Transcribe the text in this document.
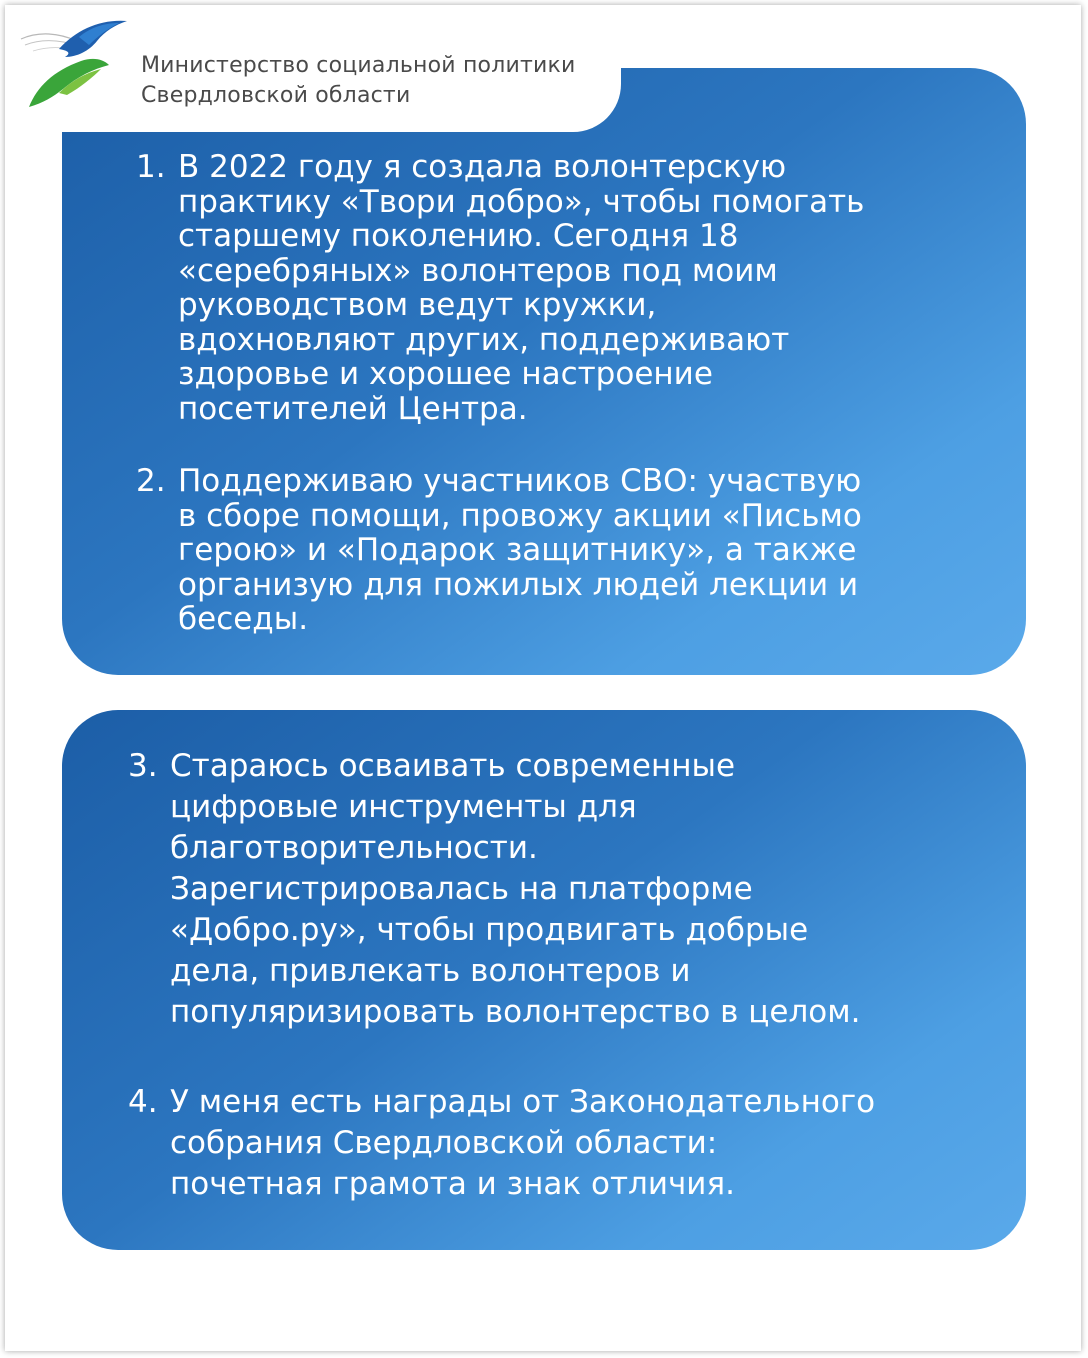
Министерство социальной политики
Свердловской области
1. В 2022 году я создала волонтерскую
практику «Твори добро», чтобы помогать
старшему поколению. Сегодня 18
«серебряных» волонтеров под моим
руководством ведут кружки,
вдохновляют других, поддерживают
здоровье и хорошее настроение
посетителей Центра.
2. Поддерживаю участников СВО: участвую
в сборе помощи, провожу акции «Письмо
герою» и «Подарок защитнику», а также
организую для пожилых людей лекции и
беседы.
3. Стараюсь осваивать современные
цифровые инструменты для
благотворительности.
Зарегистрировалась на платформе
«Добро.ру», чтобы продвигать добрые
дела, привлекать волонтеров и
популяризировать волонтерство в целом.
4. У меня есть награды от Законодательного
собрания Свердловской области:
почетная грамота и знак отличия.
